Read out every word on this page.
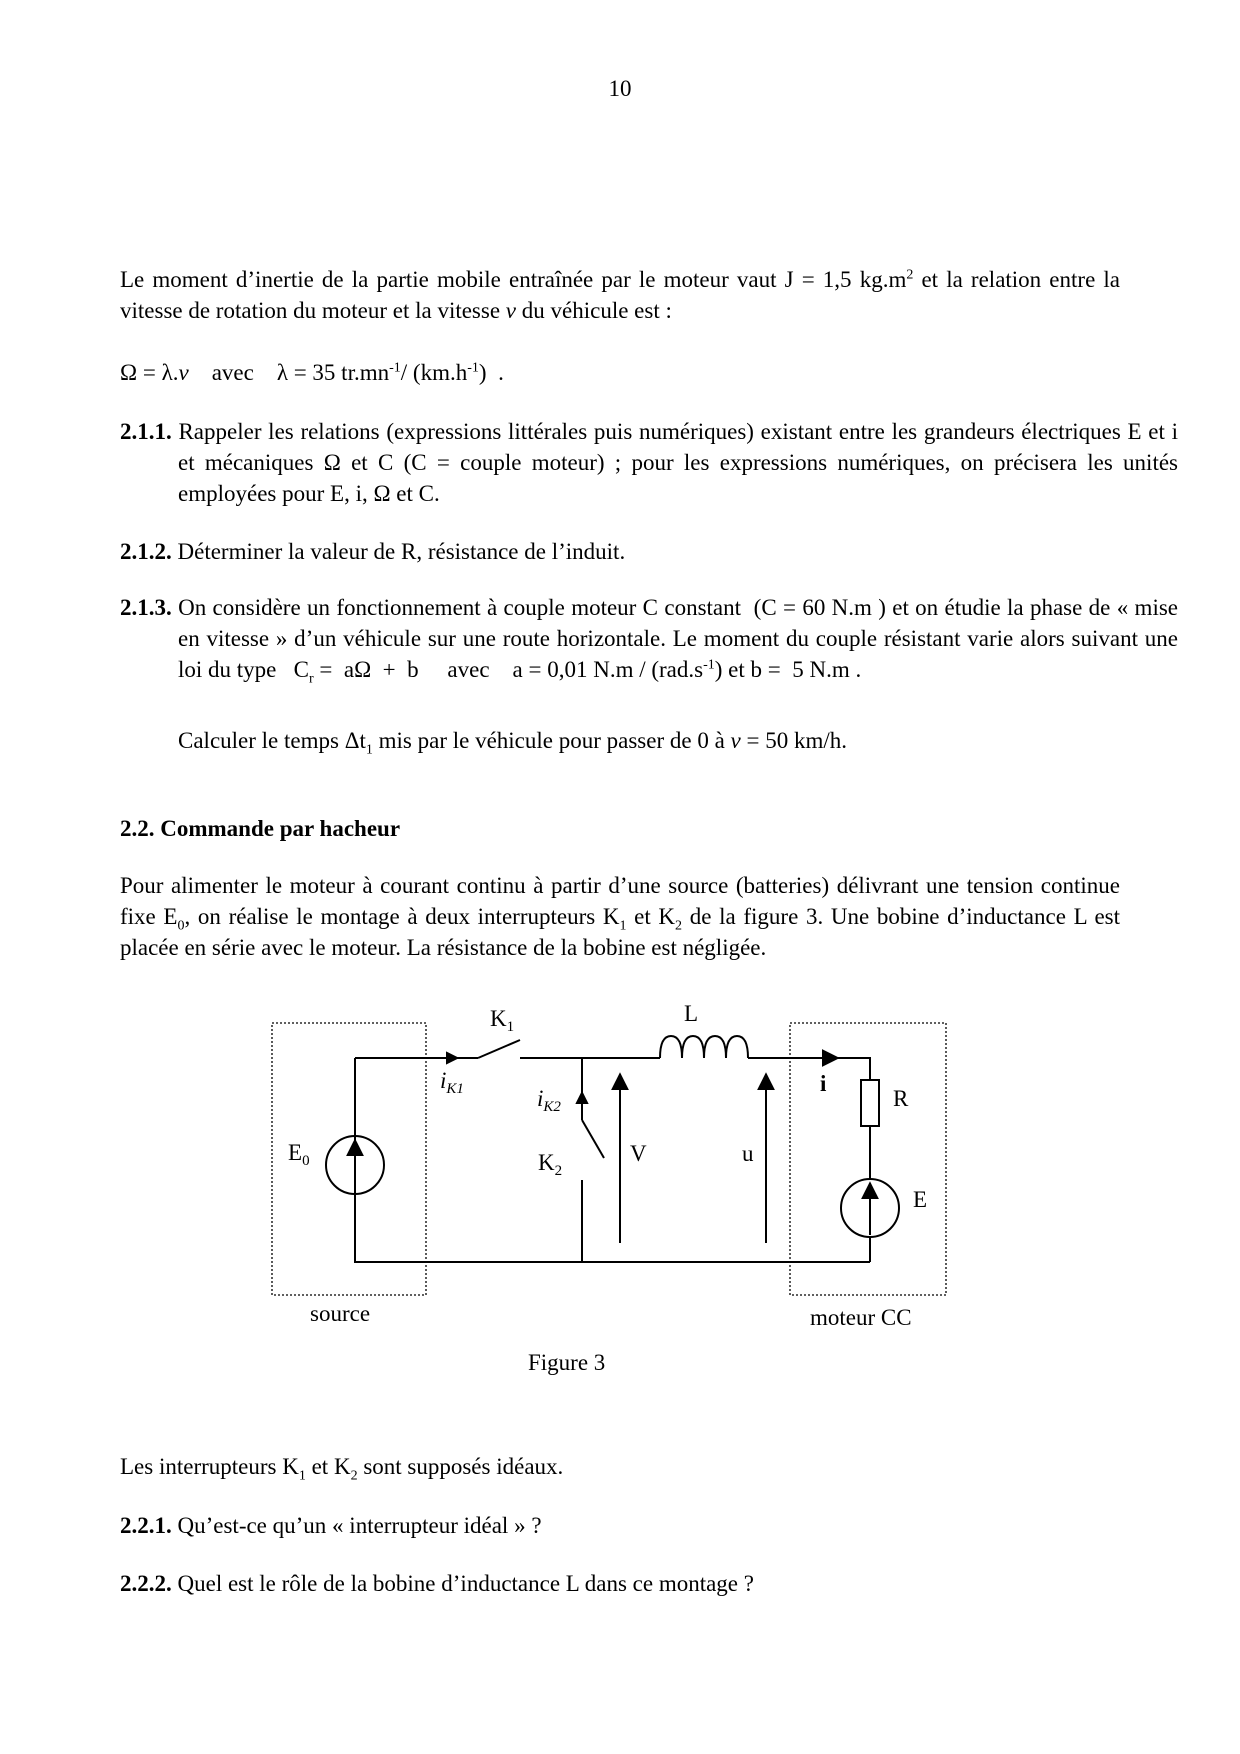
10
Le moment d’inertie de la partie mobile entraînée par le moteur vaut J = 1,5 $kg.m^2$ et la relation entre la vitesse de rotation du moteur et la vitesse v du véhicule est :
Ω = λ.v    avec    λ = 35 $tr.mn^{-1}/$ $(km.h^{-1})$  .
2.1.1. Rappeler les relations (expressions littérales puis numériques) existant entre les grandeurs électriques E et i et mécaniques Ω et C (C = couple moteur) ; pour les expressions numériques, on précisera les unités employées pour E, i, Ω et C.
2.1.2. Déterminer la valeur de R, résistance de l’induit.
2.1.3. On considère un fonctionnement à couple moteur C constant  (C = 60 N.m ) et on étudie la phase de « mise en vitesse » d’un véhicule sur une route horizontale. Le moment du couple résistant varie alors suivant une loi du type   $C_r = a\Omega + b$     avec    a = 0,01 $N.m / (rad.s^{-1})$ et b =  5 N.m .
Calculer le temps $\Delta t_1$ mis par le véhicule pour passer de 0 à v = 50 km/h.
2.2. Commande par hacheur
Pour alimenter le moteur à courant continu à partir d’une source (batteries) délivrant une tension continue fixe $E_0$, on réalise le montage à deux interrupteurs $K_1$ et $K_2$ de la figure 3. Une bobine d’inductance L est placée en série avec le moteur. La résistance de la bobine est négligée.
$K_1$
L
$i_{K1}$	$i_{K2}$
$E_0$	$K_2$
V	u
i
R
E
source	moteur CC
Figure 3
Les interrupteurs $K_1$ et $K_2$ sont supposés idéaux.
2.2.1. Qu’est-ce qu’un « interrupteur idéal » ?
2.2.2. Quel est le rôle de la bobine d’inductance L dans ce montage ?
